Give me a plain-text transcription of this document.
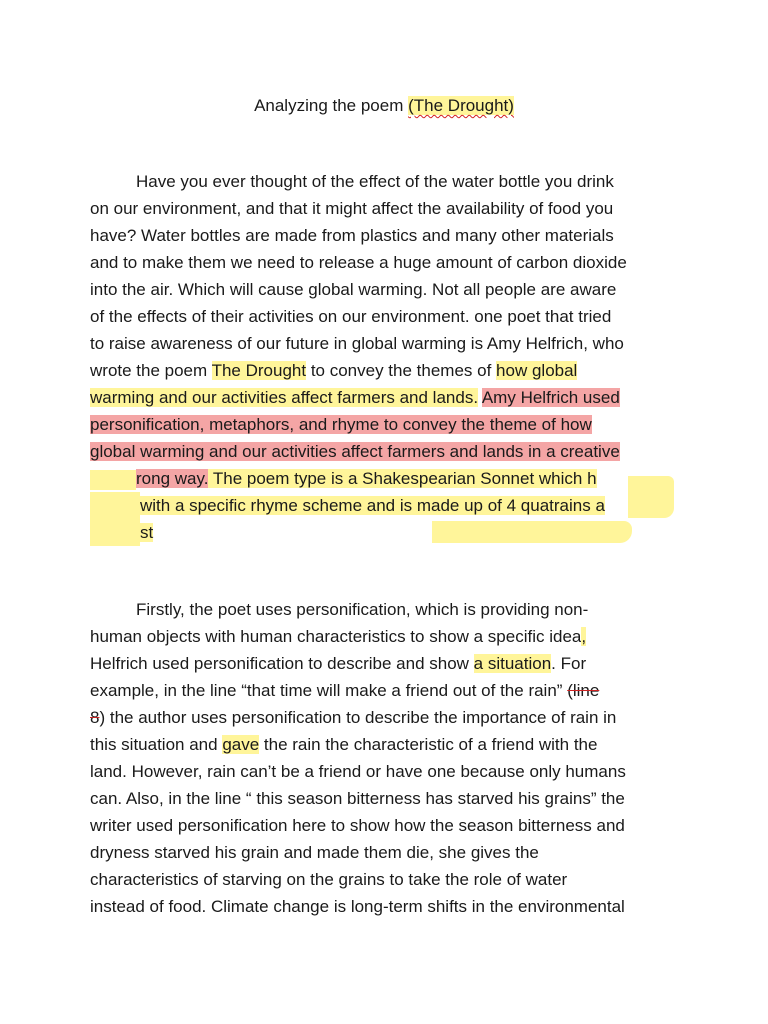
Analyzing the poem (The Drought)
Have you ever thought of the effect of the water bottle you drink
on our environment, and that it might affect the availability of food you
have? Water bottles are made from plastics and many other materials
and to make them we need to release a huge amount of carbon dioxide
into the air. Which will cause global warming. Not all people are aware
of the effects of their activities on our environment. one poet that tried
to raise awareness of our future in global warming is Amy Helfrich, who
wrote the poem The Drought to convey the themes of how global
warming and our activities affect farmers and lands. Amy Helfrich used
personification, metaphors, and rhyme to convey the theme of how
global warming and our activities affect farmers and lands in a creative
rong way. The poem type is a Shakespearian Sonnet which h
with a specific rhyme scheme and is made up of 4 quatrains a
st
Firstly, the poet uses personification, which is providing non-
human objects with human characteristics to show a specific idea,
Helfrich used personification to describe and show a situation. For
example, in the line “that time will make a friend out of the rain” (line
8) the author uses personification to describe the importance of rain in
this situation and gave the rain the characteristic of a friend with the
land. However, rain can’t be a friend or have one because only humans
can. Also, in the line “ this season bitterness has starved his grains” the
writer used personification here to show how the season bitterness and
dryness starved his grain and made them die, she gives the
characteristics of starving on the grains to take the role of water
instead of food. Climate change is long-term shifts in the environmental
